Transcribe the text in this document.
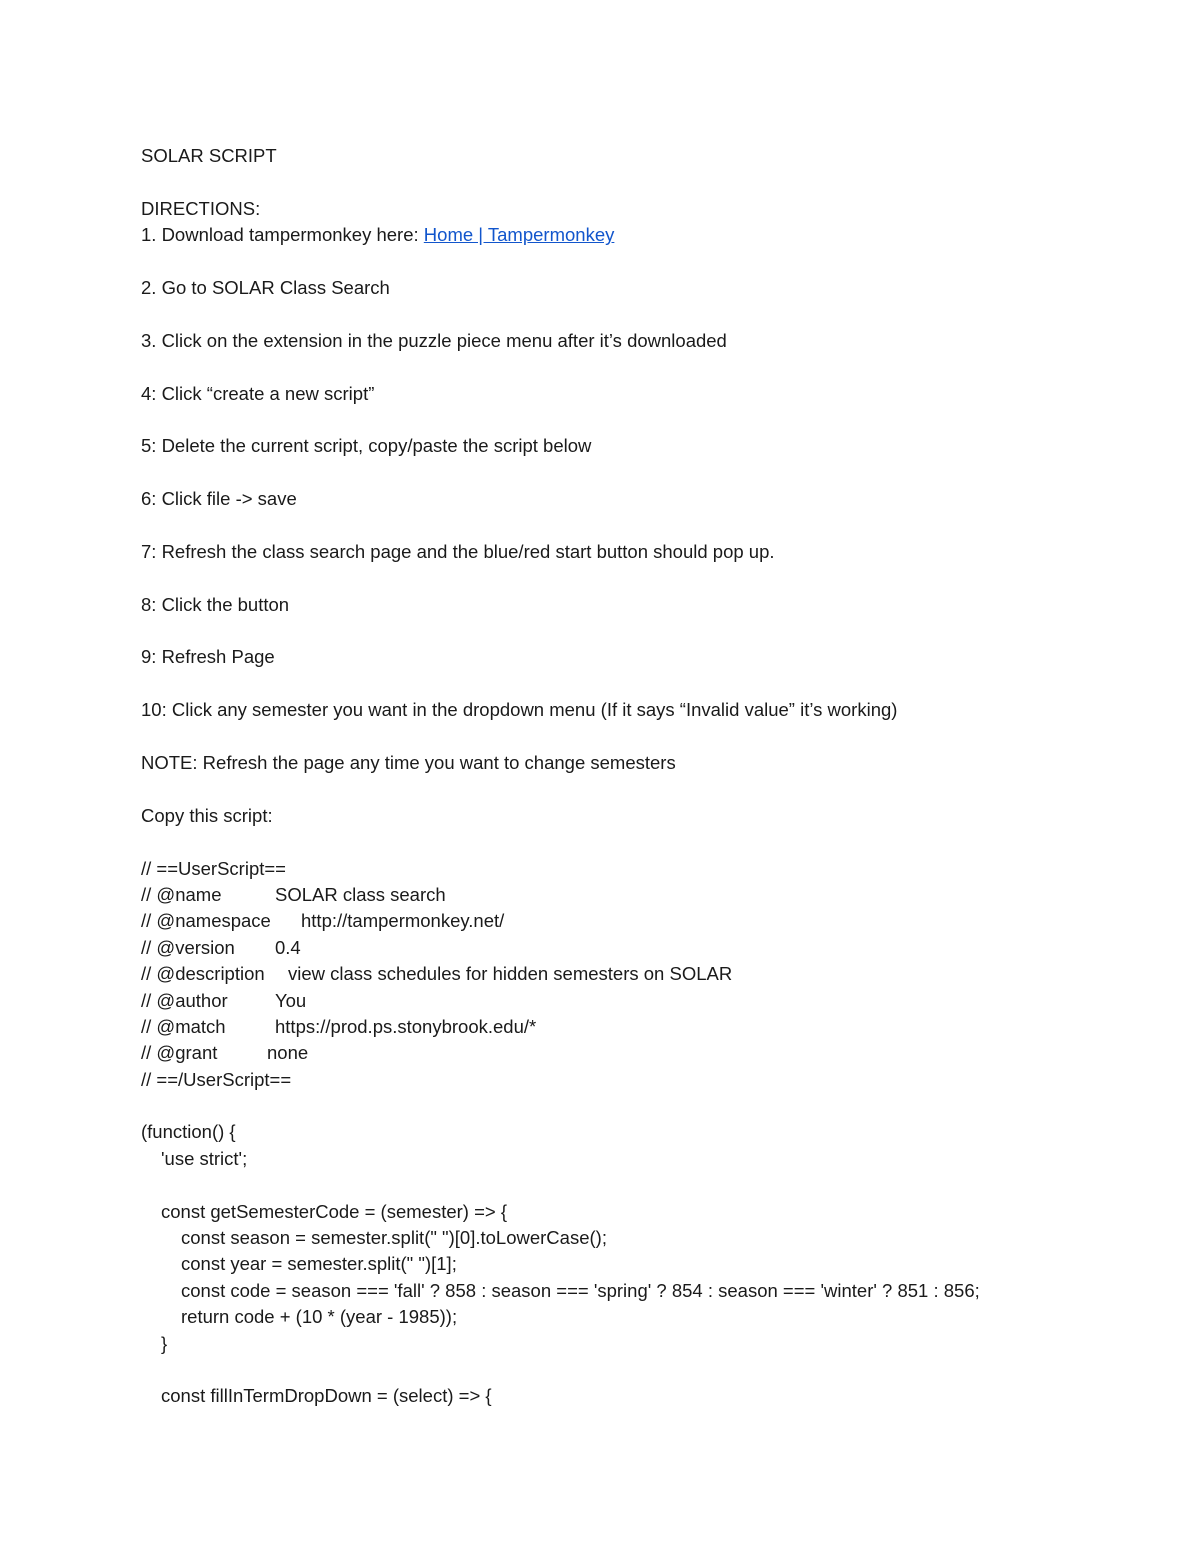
SOLAR SCRIPT
DIRECTIONS:
1. Download tampermonkey here: Home | Tampermonkey
2. Go to SOLAR Class Search
3. Click on the extension in the puzzle piece menu after it’s downloaded
4: Click “create a new script”
5: Delete the current script, copy/paste the script below
6: Click file -> save
7: Refresh the class search page and the blue/red start button should pop up.
8: Click the button
9: Refresh Page
10: Click any semester you want in the dropdown menu (If it says “Invalid value” it’s working)
NOTE: Refresh the page any time you want to change semesters
Copy this script:
// ==UserScript==
// @name	SOLAR class search
// @namespace http://tampermonkey.net/
// @version 0.4
// @description view class schedules for hidden semesters on SOLAR
// @author	You
// @match	https://prod.ps.stonybrook.edu/*
// @grant	none
// ==/UserScript==
(function() {
'use strict';
const getSemesterCode = (semester) => {
const season = semester.split(" ")[0].toLowerCase();
const year = semester.split(" ")[1];
const code = season === 'fall' ? 858 : season === 'spring' ? 854 : season === 'winter' ? 851 : 856;
return code + (10 * (year - 1985));
}
const fillInTermDropDown = (select) => {
